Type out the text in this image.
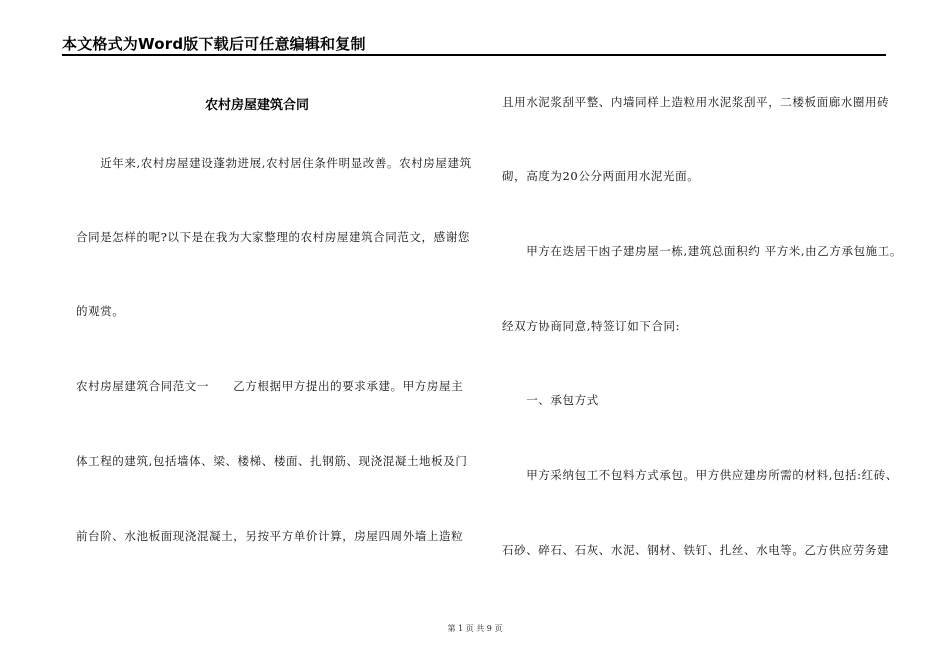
本文格式为Word版下载后可任意编辑和复制
农村房屋建筑合同
　　近年来,农村房屋建设蓬勃进展,农村居住条件明显改善。农村房屋建筑
合同是怎样的呢?以下是在我为大家整理的农村房屋建筑合同范文，感谢您
的观赏。
农村房屋建筑合同范文一　　乙方根据甲方提出的要求承建。甲方房屋主
体工程的建筑,包括墙体、梁、楼梯、楼面、扎钢筋、现浇混凝土地板及门
前台阶、水池板面现浇混凝土，另按平方单价计算，房屋四周外墙上造粒
且用水泥浆刮平整、内墙同样上造粒用水泥浆刮平，二楼板面廊水圈用砖
砌，高度为20公分两面用水泥光面。
　　甲方在迭居干凼子建房屋一栋,建筑总面积约 平方米,由乙方承包施工。
经双方协商同意,特签订如下合同:
　　一、承包方式
　　甲方采纳包工不包料方式承包。甲方供应建房所需的材料,包括:红砖、
石砂、碎石、石灰、水泥、钢材、铁钉、扎丝、水电等。乙方供应劳务建
第 1 页 共 9 页
